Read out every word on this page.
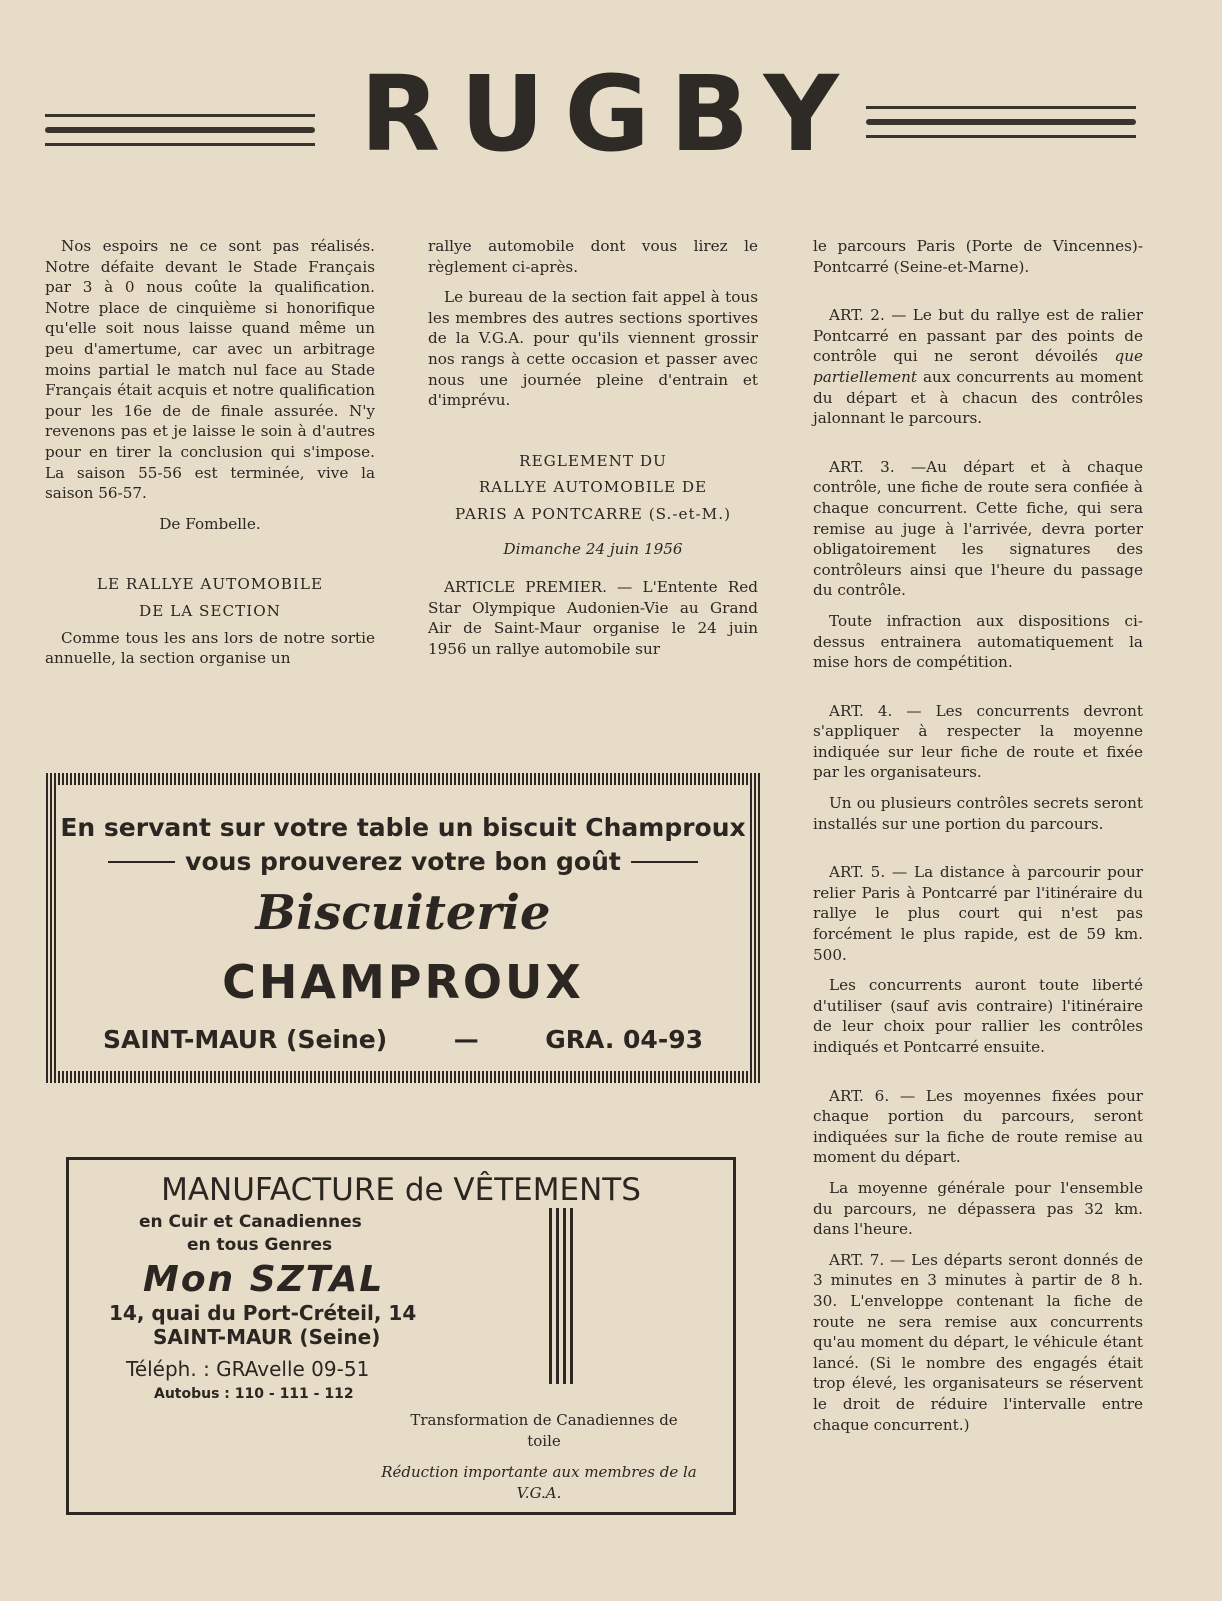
RUGBY

Nos espoirs ne ce sont pas réalisés. Notre défaite devant le Stade Français par 3 à 0 nous coûte la qualification. Notre place de cinquième si honorifique qu'elle soit nous laisse quand même un peu d'amertume, car avec un arbitrage moins partial le match nul face au Stade Français était acquis et notre qualification pour les 16e de de finale assurée. N'y revenons pas et je laisse le soin à d'autres pour en tirer la conclusion qui s'impose. La saison 55-56 est terminée, vive la saison 56-57.

De Fombelle.

LE RALLYE AUTOMOBILE

DE LA SECTION

Comme tous les ans lors de notre sortie annuelle, la section organise un

rallye automobile dont vous lirez le règlement ci-après.

Le bureau de la section fait appel à tous les membres des autres sections sportives de la V.G.A. pour qu'ils viennent grossir nos rangs à cette occasion et passer avec nous une journée pleine d'entrain et d'imprévu.

REGLEMENT DU

RALLYE AUTOMOBILE DE

PARIS A PONTCARRE (S.-et-M.)

Dimanche 24 juin 1956

ARTICLE PREMIER. — L'Entente Red Star Olympique Audonien-Vie au Grand Air de Saint-Maur organise le 24 juin 1956 un rallye automobile sur

le parcours Paris (Porte de Vincennes)-Pontcarré (Seine-et-Marne).

ART. 2. — Le but du rallye est de ralier Pontcarré en passant par des points de contrôle qui ne seront dévoilés que partiellement aux concurrents au moment du départ et à chacun des contrôles jalonnant le parcours.

ART. 3. —Au départ et à chaque contrôle, une fiche de route sera confiée à chaque concurrent. Cette fiche, qui sera remise au juge à l'arrivée, devra porter obligatoirement les signatures des contrôleurs ainsi que l'heure du passage du contrôle.

Toute infraction aux dispositions ci-dessus entrainera automatiquement la mise hors de compétition.

ART. 4. — Les concurrents devront s'appliquer à respecter la moyenne indiquée sur leur fiche de route et fixée par les organisateurs.

Un ou plusieurs contrôles secrets seront installés sur une portion du parcours.

ART. 5. — La distance à parcourir pour relier Paris à Pontcarré par l'itinéraire du rallye le plus court qui n'est pas forcément le plus rapide, est de 59 km. 500.

Les concurrents auront toute liberté d'utiliser (sauf avis contraire) l'itinéraire de leur choix pour rallier les contrôles indiqués et Pontcarré ensuite.

ART. 6. — Les moyennes fixées pour chaque portion du parcours, seront indiquées sur la fiche de route remise au moment du départ.

La moyenne générale pour l'ensemble du parcours, ne dépassera pas 32 km. dans l'heure.

ART. 7. — Les départs seront donnés de 3 minutes en 3 minutes à partir de 8 h. 30. L'enveloppe contenant la fiche de route ne sera remise aux concurrents qu'au moment du départ, le véhicule étant lancé. (Si le nombre des engagés était trop élevé, les organisateurs se réservent le droit de réduire l'intervalle entre chaque concurrent.)

En servant sur votre table un biscuit Champroux
vous prouverez votre bon goût
Biscuiterie
CHAMPROUX
SAINT-MAUR (Seine)	—	GRA. 04-93
MANUFACTURE de VÊTEMENTS
en Cuir et Canadiennes
en tous Genres
Mon SZTAL
14, quai du Port-Créteil, 14
SAINT-MAUR (Seine)
Téléph. : GRAvelle 09-51
Autobus : 110 - 111 - 112
Transformation de Canadiennes de toile
Réduction importante aux membres de la V.G.A.
